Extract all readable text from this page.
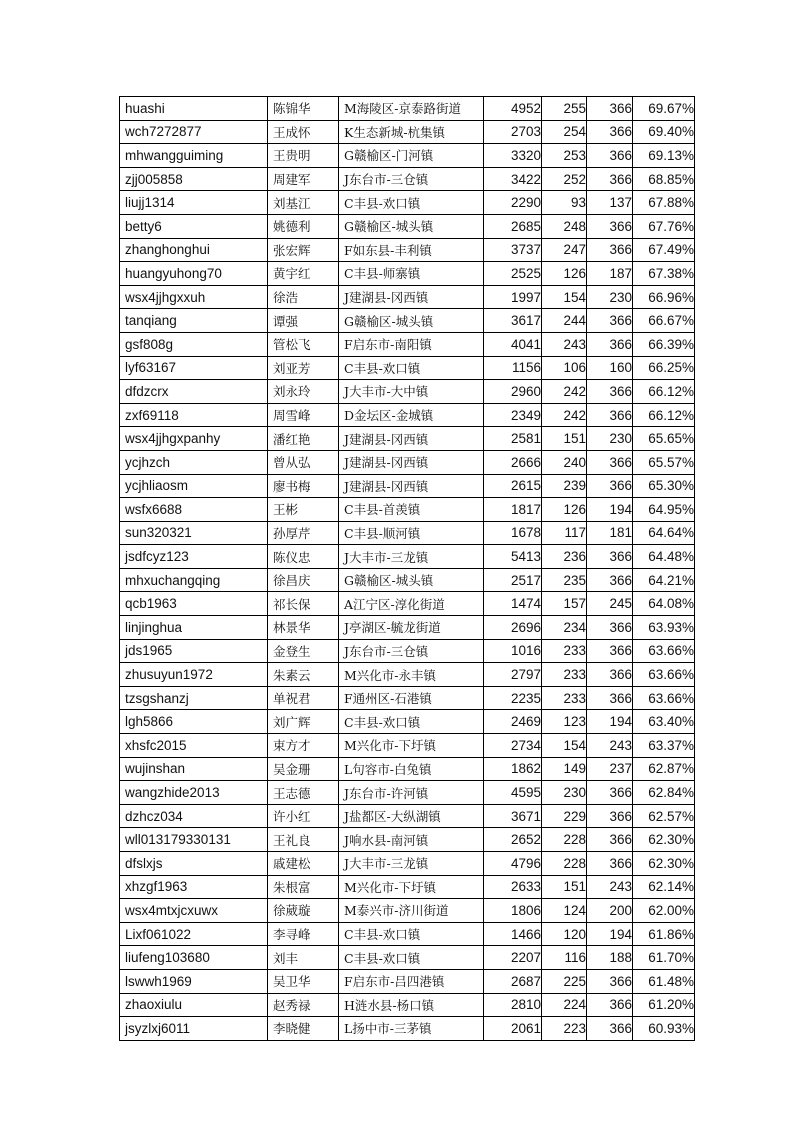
huashi	陈锦华	M海陵区-京泰路街道	4952	255	366	69.67%
wch7272877	王成怀	K生态新城-杭集镇	2703	254	366	69.40%
mhwangguiming	王贵明	G赣榆区-门河镇	3320	253	366	69.13%
zjj005858	周建军	J东台市-三仓镇	3422	252	366	68.85%
liujj1314	刘基江	C丰县-欢口镇	2290	93	137	67.88%
betty6	姚德利	G赣榆区-城头镇	2685	248	366	67.76%
zhanghonghui	张宏辉	F如东县-丰利镇	3737	247	366	67.49%
huangyuhong70	黄宇红	C丰县-师寨镇	2525	126	187	67.38%
wsx4jjhgxxuh	徐浩	J建湖县-冈西镇	1997	154	230	66.96%
tanqiang	谭强	G赣榆区-城头镇	3617	244	366	66.67%
gsf808g	管松飞	F启东市-南阳镇	4041	243	366	66.39%
lyf63167	刘亚芳	C丰县-欢口镇	1156	106	160	66.25%
dfdzcrx	刘永玲	J大丰市-大中镇	2960	242	366	66.12%
zxf69118	周雪峰	D金坛区-金城镇	2349	242	366	66.12%
wsx4jjhgxpanhy	潘红艳	J建湖县-冈西镇	2581	151	230	65.65%
ycjhzch	曾从弘	J建湖县-冈西镇	2666	240	366	65.57%
ycjhliaosm	廖书梅	J建湖县-冈西镇	2615	239	366	65.30%
wsfx6688	王彬	C丰县-首羡镇	1817	126	194	64.95%
sun320321	孙厚芹	C丰县-顺河镇	1678	117	181	64.64%
jsdfcyz123	陈仪忠	J大丰市-三龙镇	5413	236	366	64.48%
mhxuchangqing	徐昌庆	G赣榆区-城头镇	2517	235	366	64.21%
qcb1963	祁长保	A江宁区-淳化街道	1474	157	245	64.08%
linjinghua	林景华	J亭湖区-毓龙街道	2696	234	366	63.93%
jds1965	金登生	J东台市-三仓镇	1016	233	366	63.66%
zhusuyun1972	朱素云	M兴化市-永丰镇	2797	233	366	63.66%
tzsgshanzj	单祝君	F通州区-石港镇	2235	233	366	63.66%
lgh5866	刘广辉	C丰县-欢口镇	2469	123	194	63.40%
xhsfc2015	束方才	M兴化市-下圩镇	2734	154	243	63.37%
wujinshan	吴金珊	L句容市-白兔镇	1862	149	237	62.87%
wangzhide2013	王志德	J东台市-许河镇	4595	230	366	62.84%
dzhcz034	许小红	J盐都区-大纵湖镇	3671	229	366	62.57%
wll013179330131	王礼良	J响水县-南河镇	2652	228	366	62.30%
dfslxjs	戚建松	J大丰市-三龙镇	4796	228	366	62.30%
xhzgf1963	朱根富	M兴化市-下圩镇	2633	151	243	62.14%
wsx4mtxjcxuwx	徐葳璇	M泰兴市-济川街道	1806	124	200	62.00%
Lixf061022	李寻峰	C丰县-欢口镇	1466	120	194	61.86%
liufeng103680	刘丰	C丰县-欢口镇	2207	116	188	61.70%
lswwh1969	吴卫华	F启东市-吕四港镇	2687	225	366	61.48%
zhaoxiulu	赵秀禄	H涟水县-杨口镇	2810	224	366	61.20%
jsyzlxj6011	李晓健	L扬中市-三茅镇	2061	223	366	60.93%
